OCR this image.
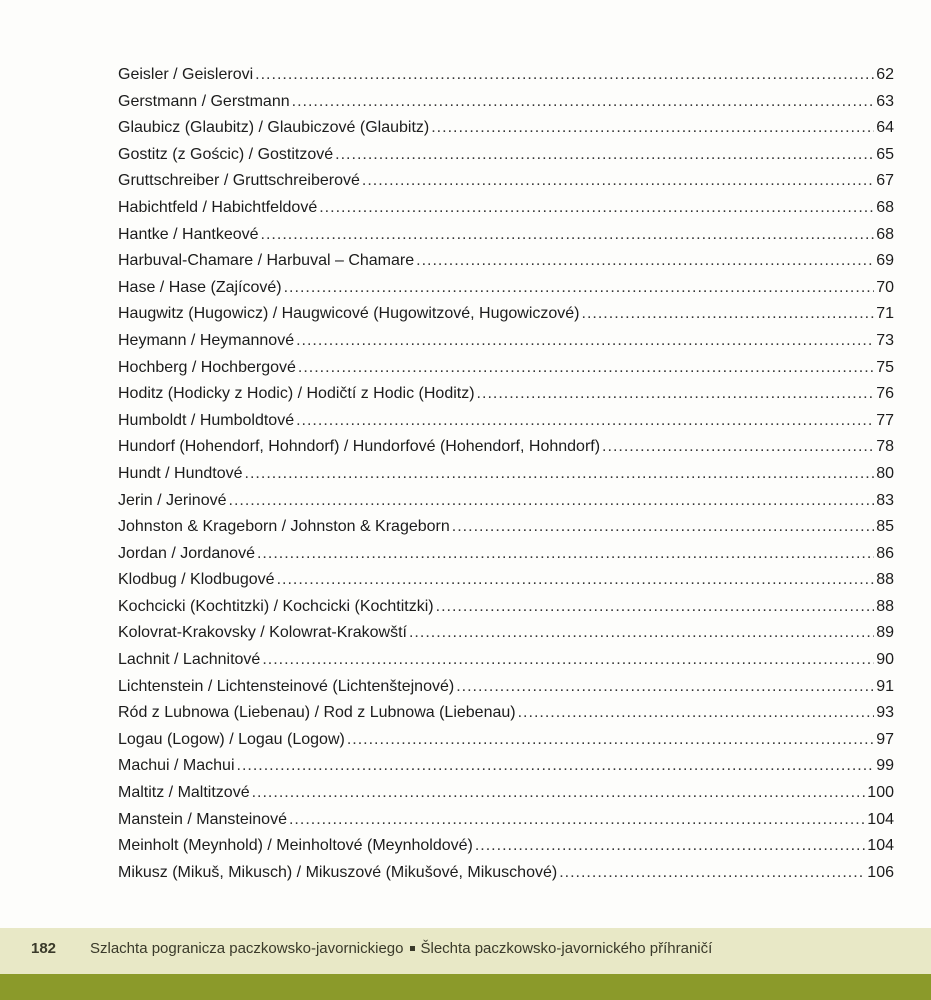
Geisler / Geislerovi .....	62
Gerstmann / Gerstmann .....	63
Glaubicz (Glaubitz) / Glaubiczové (Glaubitz) .....	64
Gostitz (z Gościc) / Gostitzové .....	65
Gruttschreiber / Gruttschreiberové .....	67
Habichtfeld / Habichtfeldové .....	68
Hantke / Hantkeové .....	68
Harbuval-Chamare / Harbuval – Chamare .....	69
Hase / Hase (Zajícové) .....	70
Haugwitz (Hugowicz) / Haugwicové (Hugowitzové, Hugowiczové) .....	71
Heymann / Heymannové .....	73
Hochberg / Hochbergové .....	75
Hoditz (Hodicky z Hodic) / Hodičtí z Hodic (Hoditz) .....	76
Humboldt / Humboldtové .....	77
Hundorf (Hohendorf, Hohndorf) / Hundorfové (Hohendorf, Hohndorf) .....	78
Hundt / Hundtové .....	80
Jerin / Jerinové .....	83
Johnston & Krageborn / Johnston & Krageborn .....	85
Jordan / Jordanové .....	86
Klodbug / Klodbugové .....	88
Kochcicki (Kochtitzki) / Kochcicki (Kochtitzki) .....	88
Kolovrat-Krakovsky / Kolowrat-Krakowští .....	89
Lachnit / Lachnitové .....	90
Lichtenstein / Lichtensteinové (Lichtenštejnové) .....	91
Ród z Lubnowa (Liebenau) / Rod z Lubnowa (Liebenau) .....	93
Logau (Logow) / Logau (Logow) .....	97
Machui / Machui .....	99
Maltitz / Maltitzové .....	100
Manstein / Mansteinové .....	104
Meinholt (Meynhold) / Meinholtové (Meynholdové) .....	104
Mikusz (Mikuš, Mikusch) / Mikuszové (Mikušové, Mikuschové) .....	106
182 Szlachta pogranicza paczkowsko-javornickiego Šlechta paczkowsko-javornického příhraničí
